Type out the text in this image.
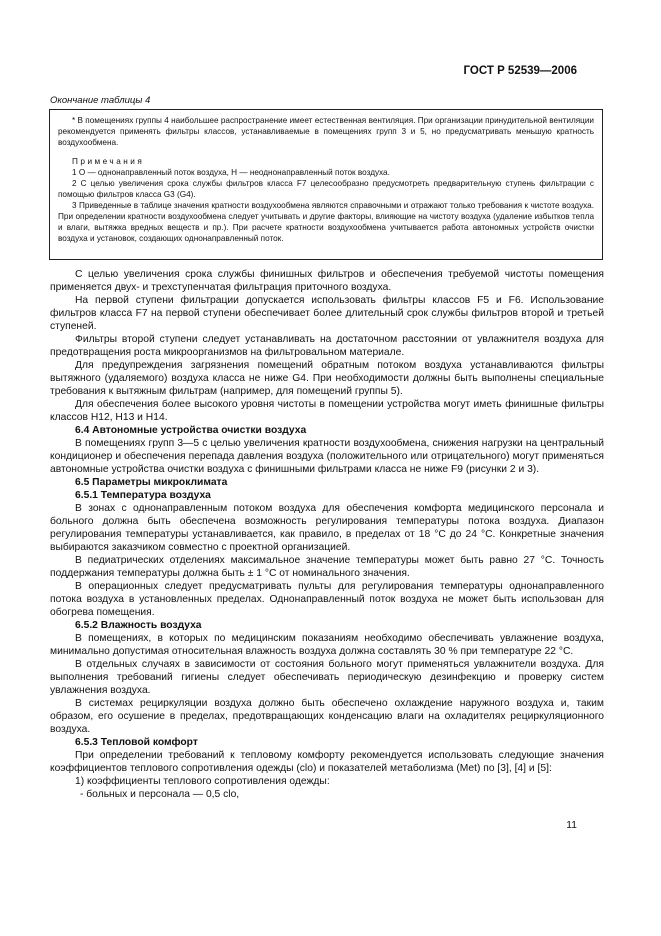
ГОСТ Р 52539—2006
Окончание таблицы 4

* В помещениях группы 4 наибольшее распространение имеет естественная вентиляция. При организации принудительной вентиляции рекомендуется применять фильтры классов, устанавливаемые в помещениях групп 3 и 5, но предусматривать меньшую кратность воздухообмена.

Примечания

1 О — однонаправленный поток воздуха, Н — неоднонаправленный поток воздуха.

2 С целью увеличения срока службы фильтров класса F7 целесообразно предусмотреть предварительную ступень фильтрации с помощью фильтров класса G3 (G4).

3 Приведенные в таблице значения кратности воздухообмена являются справочными и отражают только требования к чистоте воздуха. При определении кратности воздухообмена следует учитывать и другие факторы, влияющие на чистоту воздуха (удаление избытков тепла и влаги, вытяжка вредных веществ и пр.). При расчете кратности воздухообмена учитывается работа автономных устройств очистки воздуха и установок, создающих однонаправленный поток.

С целью увеличения срока службы финишных фильтров и обеспечения требуемой чистоты помещения применяется двух- и трехступенчатая фильтрация приточного воздуха.

На первой ступени фильтрации допускается использовать фильтры классов F5 и F6. Использование фильтров класса F7 на первой ступени обеспечивает более длительный срок службы фильтров второй и третьей ступеней.

Фильтры второй ступени следует устанавливать на достаточном расстоянии от увлажнителя воздуха для предотвращения роста микроорганизмов на фильтровальном материале.

Для предупреждения загрязнения помещений обратным потоком воздуха устанавливаются фильтры вытяжного (удаляемого) воздуха класса не ниже G4. При необходимости должны быть выполнены специальные требования к вытяжным фильтрам (например, для помещений группы 5).

Для обеспечения более высокого уровня чистоты в помещении устройства могут иметь финишные фильтры классов Н12, Н13 и Н14.

6.4 Автономные устройства очистки воздуха

В помещениях групп 3—5 с целью увеличения кратности воздухообмена, снижения нагрузки на центральный кондиционер и обеспечения перепада давления воздуха (положительного или отрицательного) могут применяться автономные устройства очистки воздуха с финишными фильтрами класса не ниже F9 (рисунки 2 и 3).

6.5 Параметры микроклимата
6.5.1 Температура воздуха

В зонах с однонаправленным потоком воздуха для обеспечения комфорта медицинского персонала и больного должна быть обеспечена возможность регулирования температуры потока воздуха. Диапазон регулирования температуры устанавливается, как правило, в пределах от 18 °С до 24 °С. Конкретные значения выбираются заказчиком совместно с проектной организацией.

В педиатрических отделениях максимальное значение температуры может быть равно 27 °С. Точность поддержания температуры должна быть ± 1 °С от номинального значения.

В операционных следует предусматривать пульты для регулирования температуры однонаправленного потока воздуха в установленных пределах. Однонаправленный поток воздуха не может быть использован для обогрева помещения.

6.5.2 Влажность воздуха

В помещениях, в которых по медицинским показаниям необходимо обеспечивать увлажнение воздуха, минимально допустимая относительная влажность воздуха должна составлять 30 % при температуре 22 °С.

В отдельных случаях в зависимости от состояния больного могут применяться увлажнители воздуха. Для выполнения требований гигиены следует обеспечивать периодическую дезинфекцию и проверку систем увлажнения воздуха.

В системах рециркуляции воздуха должно быть обеспечено охлаждение наружного воздуха и, таким образом, его осушение в пределах, предотвращающих конденсацию влаги на охладителях рециркуляционного воздуха.

6.5.3 Тепловой комфорт

При определении требований к тепловому комфорту рекомендуется использовать следующие значения коэффициентов теплового сопротивления одежды (clo) и показателей метаболизма (Met) по [3], [4] и [5]:

1) коэффициенты теплового сопротивления одежды:

- больных и персонала — 0,5 clo,

11
